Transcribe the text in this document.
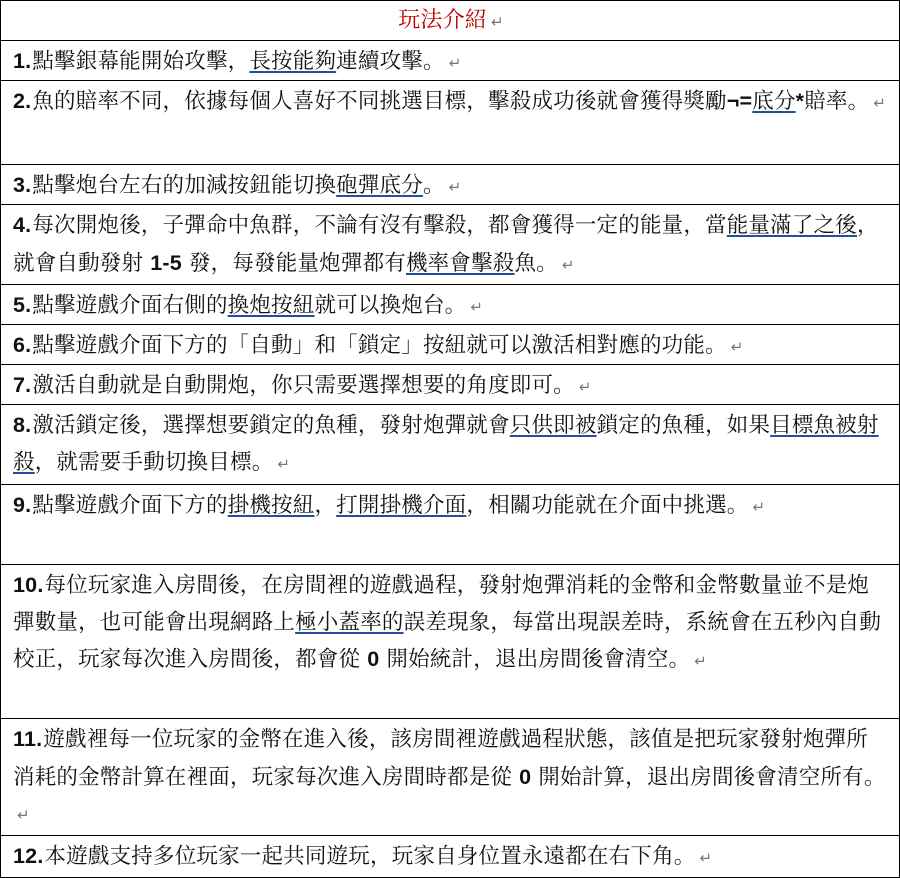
玩法介紹 ↵
1.點擊銀幕能開始攻擊，長按能夠連續攻擊。 ↵
2.魚的賠率不同，依據每個人喜好不同挑選目標，擊殺成功後就會獲得獎勵¬=底分*賠率。 ↵
3.點擊炮台左右的加減按鈕能切換砲彈底分。 ↵
4.每次開炮後，子彈命中魚群，不論有沒有擊殺，都會獲得一定的能量，當能量滿了之後，就會自動發射 1-5 發，每發能量炮彈都有機率會擊殺魚。 ↵
5.點擊遊戲介面右側的換炮按紐就可以換炮台。 ↵
6.點擊遊戲介面下方的「自動」和「鎖定」按紐就可以激活相對應的功能。 ↵
7.激活自動就是自動開炮，你只需要選擇想要的角度即可。 ↵
8.激活鎖定後，選擇想要鎖定的魚種，發射炮彈就會只供即被鎖定的魚種，如果目標魚被射殺，就需要手動切換目標。 ↵
9.點擊遊戲介面下方的掛機按紐，打開掛機介面，相關功能就在介面中挑選。 ↵
10.每位玩家進入房間後，在房間裡的遊戲過程，發射炮彈消耗的金幣和金幣數量並不是炮彈數量，也可能會出現網路上極小蓋率的誤差現象，每當出現誤差時，系統會在五秒內自動校正，玩家每次進入房間後，都會從 0 開始統計，退出房間後會清空。 ↵
11.遊戲裡每一位玩家的金幣在進入後，該房間裡遊戲過程狀態，該值是把玩家發射炮彈所消耗的金幣計算在裡面，玩家每次進入房間時都是從 0 開始計算，退出房間後會清空所有。↵
12.本遊戲支持多位玩家一起共同遊玩，玩家自身位置永遠都在右下角。 ↵
